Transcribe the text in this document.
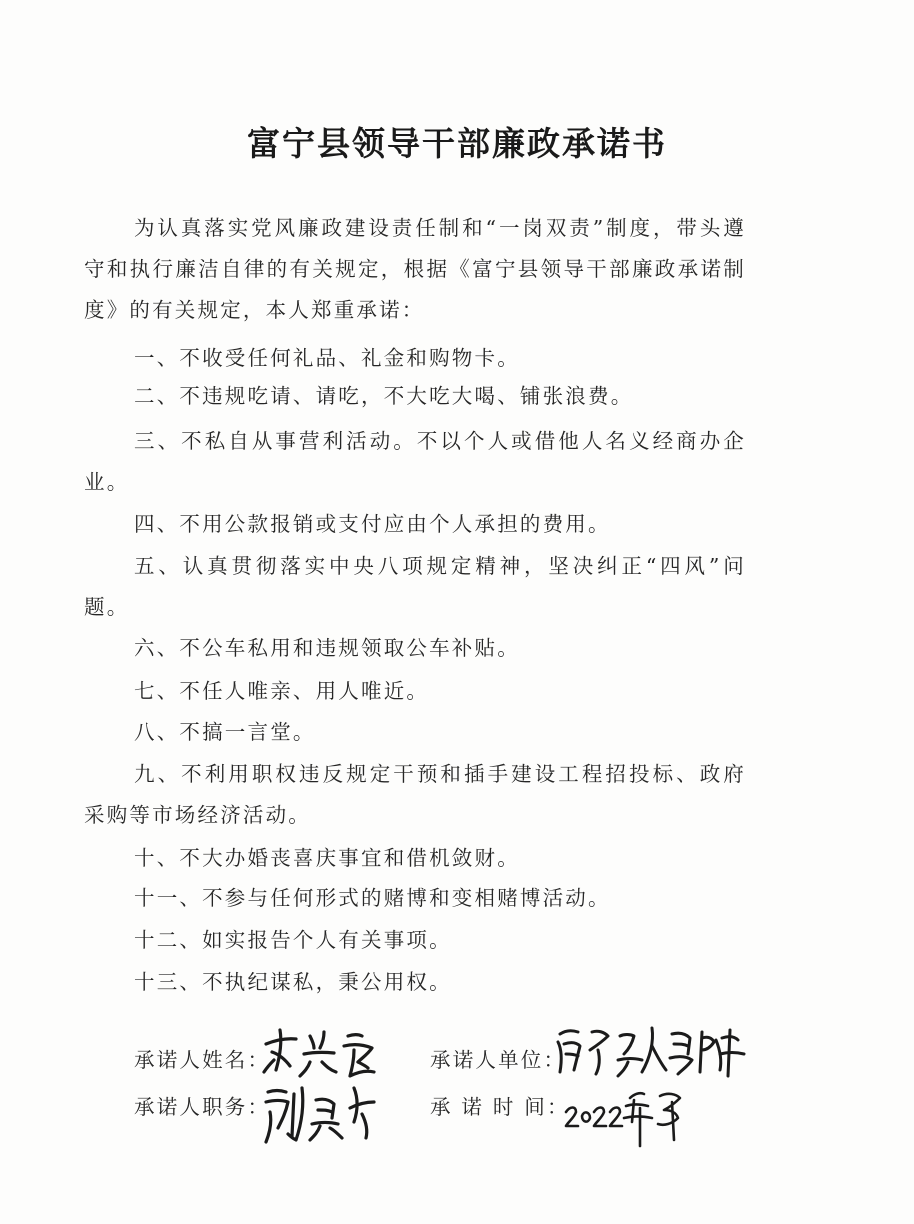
富宁县领导干部廉政承诺书

为认真落实党风廉政建设责任制和“一岗双责”制度，带头遵守和执行廉洁自律的有关规定，根据《富宁县领导干部廉政承诺制度》的有关规定，本人郑重承诺：

一、不收受任何礼品、礼金和购物卡。

二、不违规吃请、请吃，不大吃大喝、铺张浪费。

三、不私自从事营利活动。不以个人或借他人名义经商办企业。

四、不用公款报销或支付应由个人承担的费用。

五、认真贯彻落实中央八项规定精神，坚决纠正“四风”问题。

六、不公车私用和违规领取公车补贴。

七、不任人唯亲、用人唯近。

八、不搞一言堂。

九、不利用职权违反规定干预和插手建设工程招投标、政府采购等市场经济活动。

十、不大办婚丧喜庆事宜和借机敛财。

十一、不参与任何形式的赌博和变相赌博活动。

十二、如实报告个人有关事项。

十三、不执纪谋私，秉公用权。

承诺人姓名：	承诺人单位：
承诺人职务：	承 诺 时 间：
